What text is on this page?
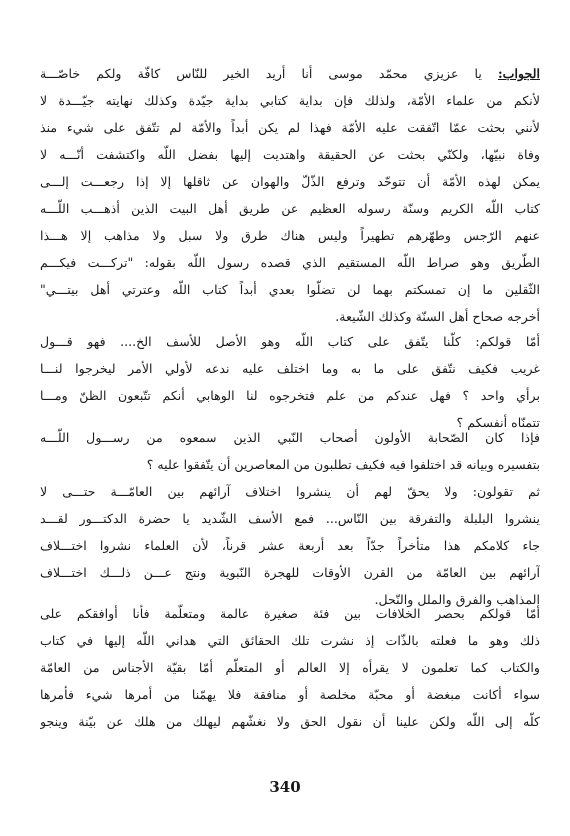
الجواب: يا عزيزي محمّد موسى أنا أريد الخير للنّاس كافّة ولكم خاصّـــة
لأنكم من علماء الأمّة، ولذلك فإن بداية كتابي بداية جيّدة وكذلك نهايته جيّـــدة لا
لأنني بحثت عمّا اتّفقت عليه الأمّة فهذا لم يكن أبداً والأمّة لم تتّفق على شيء منذ
وفاة نبيّها، ولكنّي بحثت عن الحقيقة واهتديت إليها بفضل اللّه واكتشفت أنّـــه لا
يمكن لهذه الأمّة أن تتوحّد وترفع الذّلّ والهوان عن ثاقلها إلا إذا رجعـــت إلـــى
كتاب اللّه الكريم وسنّة رسوله العظيم عن طريق أهل البيت الذين أذهـــب اللّـــه
عنهم الرّجس وطهّرهم تطهيراً وليس هناك طرق ولا سبل ولا مذاهب إلا هـــذا
الطّريق وهو صراط اللّه المستقيم الذي قصده رسول اللّه بقوله: "تركـــت فيكـــم
الثّقلين ما إن تمسكتم بهما لن تضلّوا بعدي أبداً كتاب اللّه وعترتي أهل بيتـــي"
أخرجه صحاح أهل السنّة وكذلك الشّيعة.
أمّا قولكم: كلّنا يتّفق على كتاب اللّه وهو الأصل للأسف الخ.... فهو قـــول
غريب فكيف نتّفق على ما به وما اختلف عليه ندعه لأولي الأمر ليخرجوا لنـــا
برأي واحد ؟ فهل عندكم من علم فتخرجوه لنا الوهابي أنكم تتّبعون الظنّ ومـــا
تتمنّاه أنفسكم ؟
فإذا كان الصّحابة الأولون أصحاب النّبي الذين سمعوه من رســـول اللّـــه
بتفسيره وبيانه قد اختلفوا فيه فكيف تطلبون من المعاصرين أن يتّفقوا عليه ؟
ثم تقولون: ولا يحقّ لهم أن ينشروا اختلاف آرائهم بين العامّـــة حتـــى لا
ينشروا البلبلة والتفرقة بين النّاس... فمع الأسف الشّديد يا حضرة الدكتـــور لقـــد
جاء كلامكم هذا متأخراً جدّاً بعد أربعة عشر قرناً، لأن العلماء نشروا اختـــلاف
آرائهم بين العامّة من القرن الأوقات للهجرة النّبوية ونتج عـــن ذلـــك اختـــلاف
المذاهب والفرق والملل والنّحل.
أمّا قولكم بحصر الخلافات بين فئة صغيرة عالمة ومتعلّمة فأنا أوافقكم على
ذلك وهو ما فعلته بالذّات إذ نشرت تلك الحقائق التي هداني اللّه إليها في كتاب
والكتاب كما تعلمون لا يقرأه إلا العالم أو المتعلّم أمّا بقيّة الأجناس من العامّة
سواء أكانت مبغضة أو محبّة مخلصة أو منافقة فلا يهمّنا من أمرها شيء فأمرها
كلّه إلى اللّه ولكن علينا أن نقول الحق ولا نغشّهم ليهلك من هلك عن بيّنة وينجو
340
